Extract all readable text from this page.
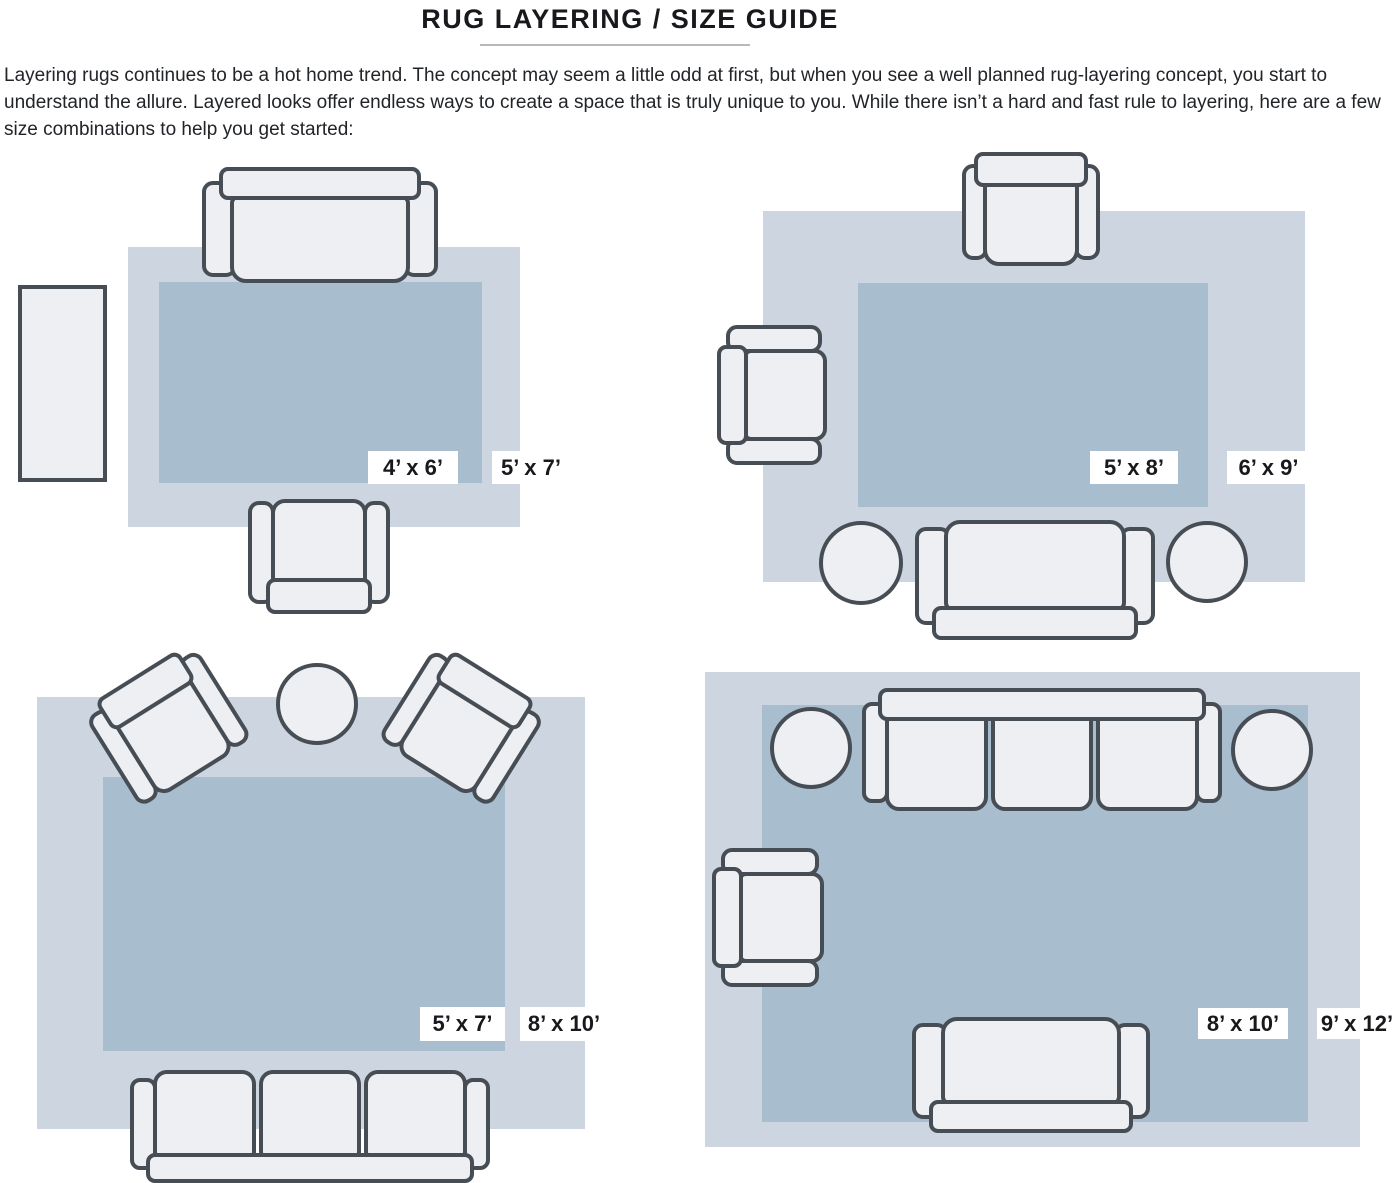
RUG LAYERING / SIZE GUIDE

Layering rugs continues to be a hot home trend. The concept may seem a little odd at first, but when you see a well planned rug-layering concept, you start to understand the allure. Layered looks offer endless ways to create a space that is truly unique to you. While there isn’t a hard and fast rule to layering, here are a few size combinations to help you get started:

4’ x 6’	5’ x 7’	5’ x 8’	6’ x 9’
5’ x 7’	8’ x 10’	8’ x 10’	9’ x 12’
